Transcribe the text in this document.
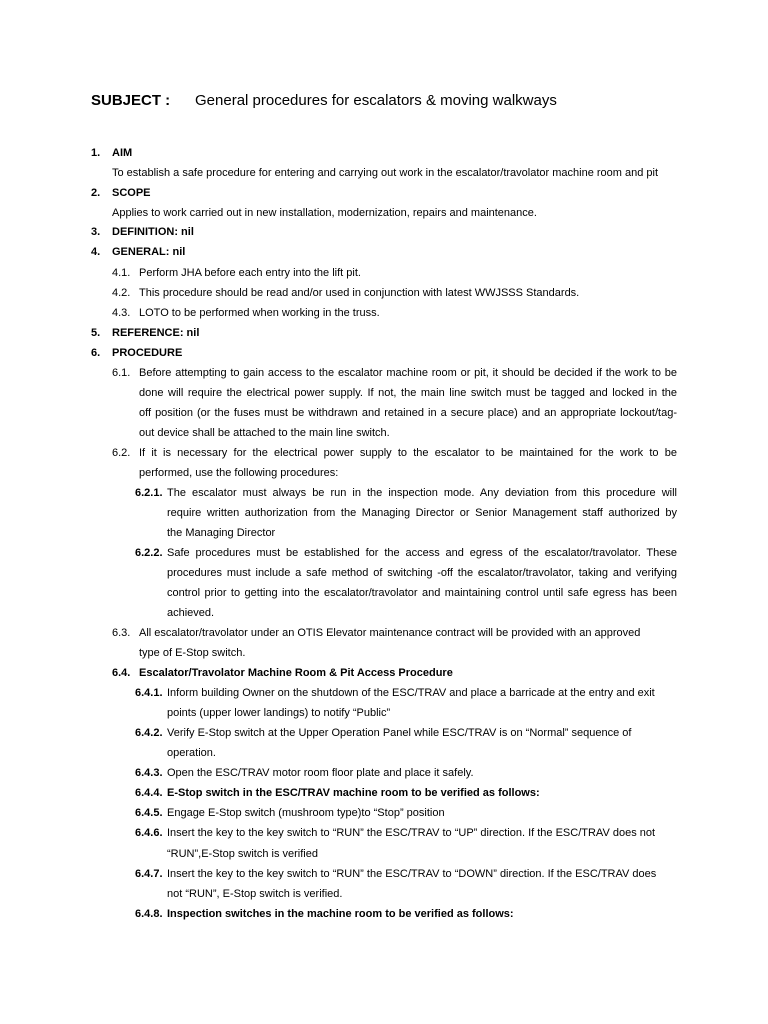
SUBJECT : General procedures for escalators & moving walkways
1. AIM
To establish a safe procedure for entering and carrying out work in the escalator/travolator machine room and pit
2. SCOPE
Applies to work carried out in new installation, modernization, repairs and maintenance.
3. DEFINITION: nil
4. GENERAL: nil
4.1. Perform JHA before each entry into the lift pit.
4.2. This procedure should be read and/or used in conjunction with latest WWJSSS Standards.
4.3. LOTO to be performed when working in the truss.
5. REFERENCE: nil
6. PROCEDURE
6.1. Before attempting to gain access to the escalator machine room or pit, it should be decided if the work to be
done will require the electrical power supply. If not, the main line switch must be tagged and locked in the
off position (or the fuses must be withdrawn and retained in a secure place) and an appropriate lockout/tag-
out device shall be attached to the main line switch.
6.2. If it is necessary for the electrical power supply to the escalator to be maintained for the work to be
performed, use the following procedures:
6.2.1. The escalator must always be run in the inspection mode. Any deviation from this procedure will
require written authorization from the Managing Director or Senior Management staff authorized by
the Managing Director
6.2.2. Safe procedures must be established for the access and egress of the escalator/travolator. These
procedures must include a safe method of switching -off the escalator/travolator, taking and verifying
control prior to getting into the escalator/travolator and maintaining control until safe egress has been
achieved.
6.3. All escalator/travolator under an OTIS Elevator maintenance contract will be provided with an approved
type of E-Stop switch.
6.4. Escalator/Travolator Machine Room & Pit Access Procedure
6.4.1. Inform building Owner on the shutdown of the ESC/TRAV and place a barricade at the entry and exit
points (upper lower landings) to notify “Public”
6.4.2. Verify E-Stop switch at the Upper Operation Panel while ESC/TRAV is on “Normal” sequence of
operation.
6.4.3. Open the ESC/TRAV motor room floor plate and place it safely.
6.4.4. E-Stop switch in the ESC/TRAV machine room to be verified as follows:
6.4.5. Engage E-Stop switch (mushroom type)to “Stop” position
6.4.6. Insert the key to the key switch to “RUN” the ESC/TRAV to “UP” direction. If the ESC/TRAV does not
“RUN”,E-Stop switch is verified
6.4.7. Insert the key to the key switch to “RUN” the ESC/TRAV to “DOWN” direction. If the ESC/TRAV does
not “RUN”, E-Stop switch is verified.
6.4.8. Inspection switches in the machine room to be verified as follows:
